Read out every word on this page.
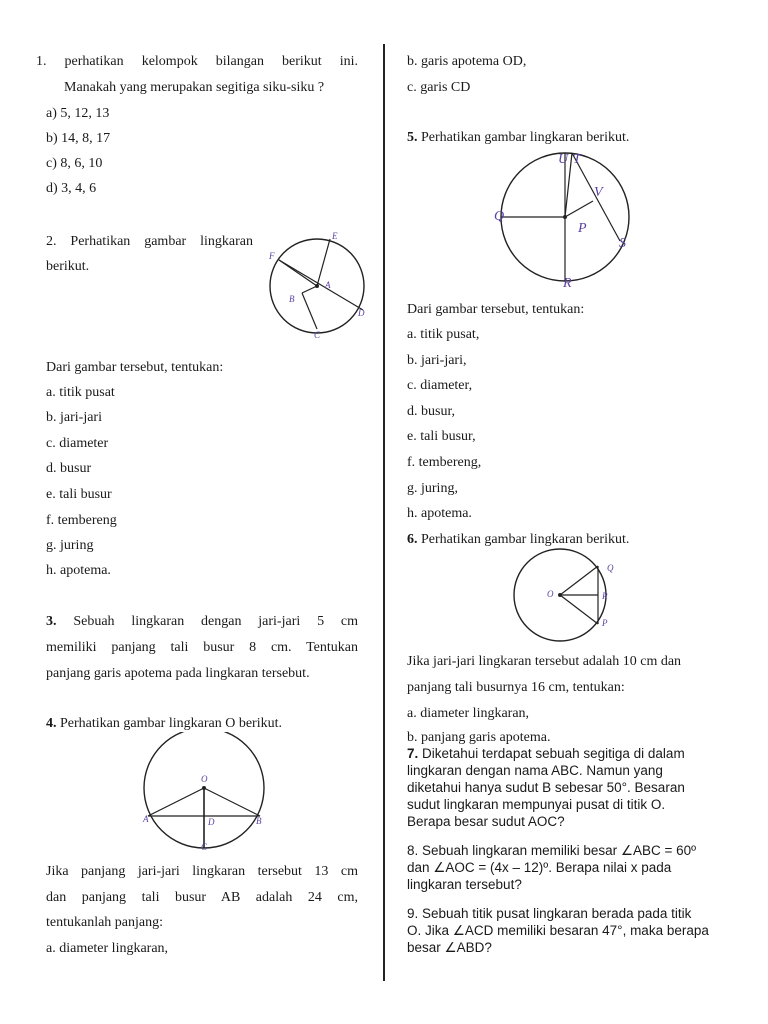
1. perhatikan kelompok bilangan berikut ini.
Manakah yang merupakan segitiga siku-siku ?
a) 5, 12, 13
b) 14, 8, 17
c) 8, 6, 10
d) 3, 4, 6
2. Perhatikan gambar lingkaran
berikut.
E
F
A
B
D
C
Dari gambar tersebut, tentukan:
a. titik pusat
b. jari-jari
c. diameter
d. busur
e. tali busur
f. tembereng
g. juring
h. apotema.
3. Sebuah lingkaran dengan jari-jari 5 cm
memiliki panjang tali busur 8 cm. Tentukan
panjang garis apotema pada lingkaran tersebut.
4. Perhatikan gambar lingkaran O berikut.
O
A	D	B
C
Jika panjang jari-jari lingkaran tersebut 13 cm
dan panjang tali busur AB adalah 24 cm,
tentukanlah panjang:
a. diameter lingkaran,
b. garis apotema OD,
c. garis CD
5. Perhatikan gambar lingkaran berikut.
U T
V
Q
P
S
R
Dari gambar tersebut, tentukan:
a. titik pusat,
b. jari-jari,
c. diameter,
d. busur,
e. tali busur,
f. tembereng,
g. juring,
h. apotema.
6. Perhatikan gambar lingkaran berikut.
Q
O	R
P
Jika jari-jari lingkaran tersebut adalah 10 cm dan
panjang tali busurnya 16 cm, tentukan:
a. diameter lingkaran,
b. panjang garis apotema.
7. Diketahui terdapat sebuah segitiga di dalam
lingkaran dengan nama ABC. Namun yang
diketahui hanya sudut B sebesar 50°. Besaran
sudut lingkaran mempunyai pusat di titik O.
Berapa besar sudut AOC?
8. Sebuah lingkaran memiliki besar ∠ABC = 60º
dan ∠AOC = (4x – 12)º. Berapa nilai x pada
lingkaran tersebut?
9. Sebuah titik pusat lingkaran berada pada titik
O. Jika ∠ACD memiliki besaran 47°, maka berapa
besar ∠ABD?
